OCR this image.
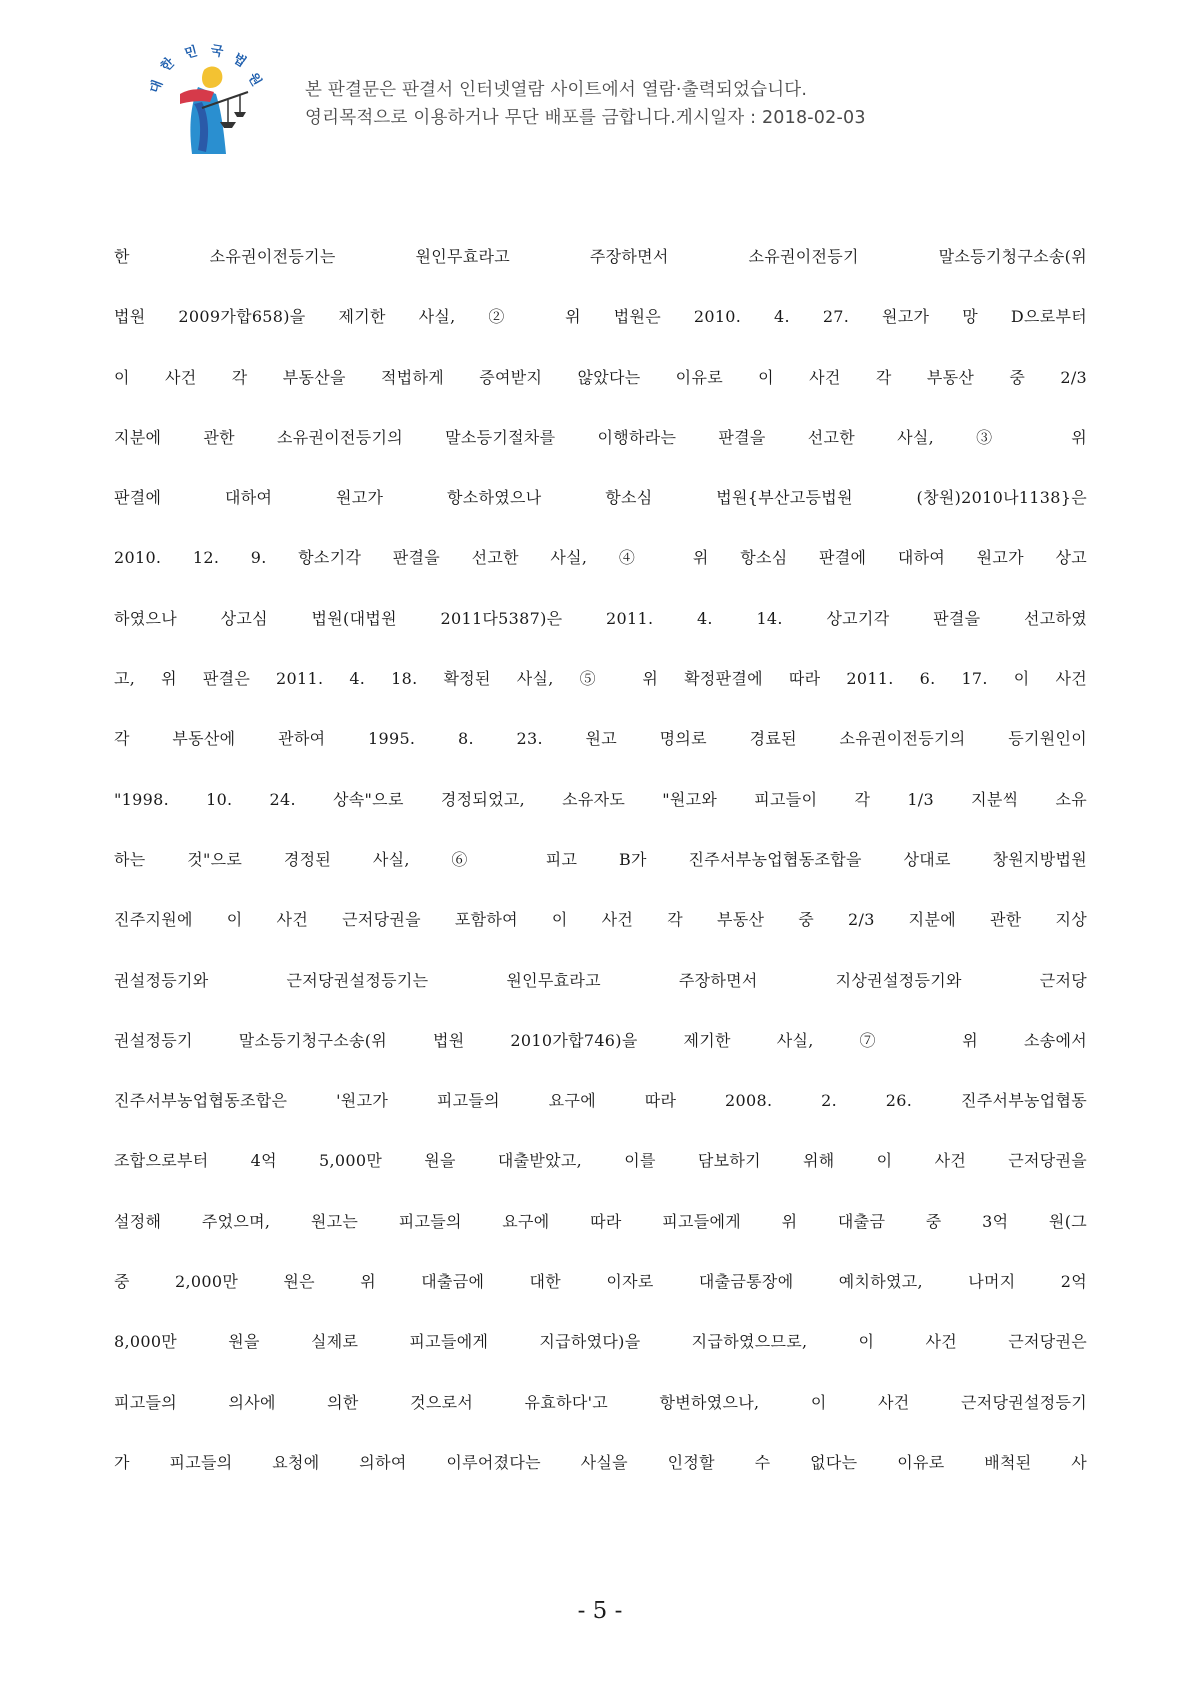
대
한
민 국 법
원
본 판결문은 판결서 인터넷열람 사이트에서 열람·출력되었습니다.
영리목적으로 이용하거나 무단 배포를 금합니다.게시일자 : 2018-02-03
한 소유권이전등기는 원인무효라고 주장하면서 소유권이전등기 말소등기청구소송(위
법원 2009가합658)을 제기한 사실, ② 위 법원은 2010. 4. 27. 원고가 망 D으로부터
이 사건 각 부동산을 적법하게 증여받지 않았다는 이유로 이 사건 각 부동산 중 2/3
지분에 관한 소유권이전등기의 말소등기절차를 이행하라는 판결을 선고한 사실, ③ 위
판결에 대하여 원고가 항소하였으나 항소심 법원{부산고등법원 (창원)2010나1138}은
2010. 12. 9. 항소기각 판결을 선고한 사실, ④ 위 항소심 판결에 대하여 원고가 상고
하였으나 상고심 법원(대법원 2011다5387)은 2011. 4. 14. 상고기각 판결을 선고하였
고, 위 판결은 2011. 4. 18. 확정된 사실, ⑤ 위 확정판결에 따라 2011. 6. 17. 이 사건
각 부동산에 관하여 1995. 8. 23. 원고 명의로 경료된 소유권이전등기의 등기원인이
"1998. 10. 24. 상속"으로 경정되었고, 소유자도 "원고와 피고들이 각 1/3 지분씩 소유
하는 것"으로 경정된 사실, ⑥ 피고 B가 진주서부농업협동조합을 상대로 창원지방법원
진주지원에 이 사건 근저당권을 포함하여 이 사건 각 부동산 중 2/3 지분에 관한 지상
권설정등기와 근저당권설정등기는 원인무효라고 주장하면서 지상권설정등기와 근저당
권설정등기 말소등기청구소송(위 법원 2010가합746)을 제기한 사실, ⑦ 위 소송에서
진주서부농업협동조합은 '원고가 피고들의 요구에 따라 2008. 2. 26. 진주서부농업협동
조합으로부터 4억 5,000만 원을 대출받았고, 이를 담보하기 위해 이 사건 근저당권을
설정해 주었으며, 원고는 피고들의 요구에 따라 피고들에게 위 대출금 중 3억 원(그
중 2,000만 원은 위 대출금에 대한 이자로 대출금통장에 예치하였고, 나머지 2억
8,000만 원을 실제로 피고들에게 지급하였다)을 지급하였으므로, 이 사건 근저당권은
피고들의 의사에 의한 것으로서 유효하다'고 항변하였으나, 이 사건 근저당권설정등기
가 피고들의 요청에 의하여 이루어졌다는 사실을 인정할 수 없다는 이유로 배척된 사
- 5 -
